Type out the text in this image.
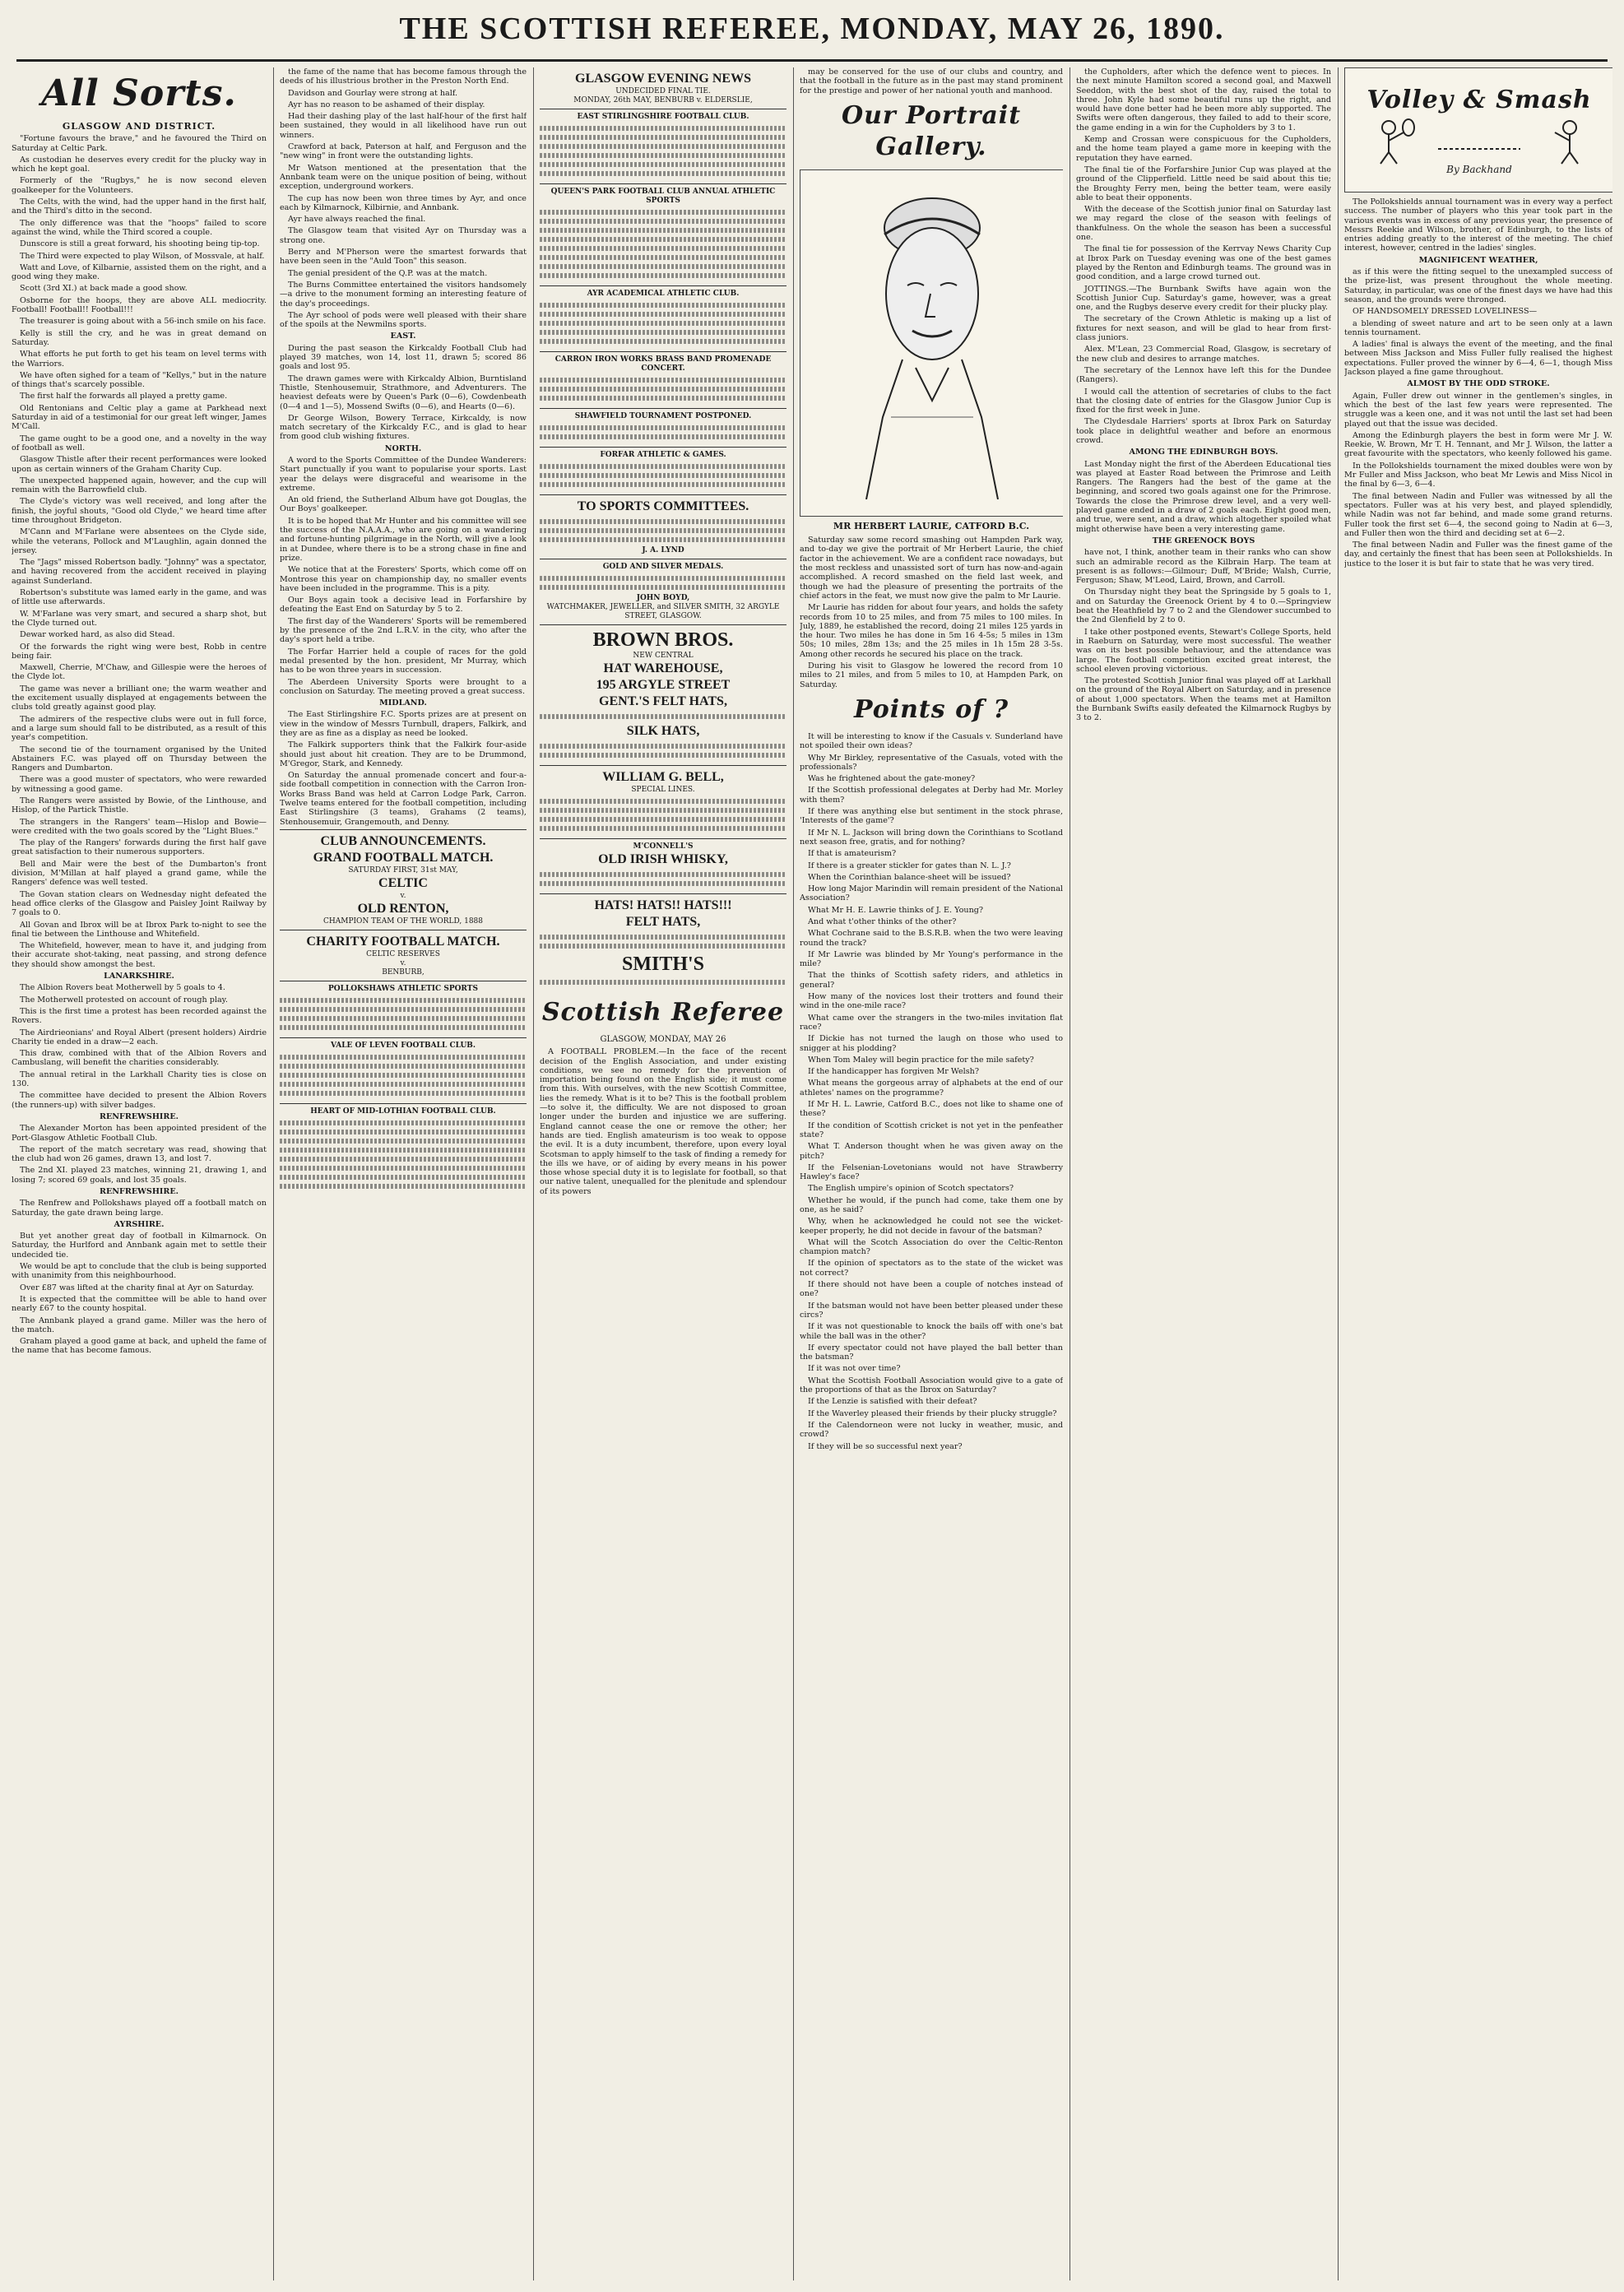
THE SCOTTISH REFEREE, MONDAY, MAY 26, 1890.
All Sorts.
GLASGOW AND DISTRICT.

"Fortune favours the brave," and he favoured the Third on Saturday at Celtic Park.

As custodian he deserves every credit for the plucky way in which he kept goal.

Formerly of the "Rugbys," he is now second eleven goalkeeper for the Volunteers.

The Celts, with the wind, had the upper hand in the first half, and the Third's ditto in the second.

The only difference was that the "hoops" failed to score against the wind, while the Third scored a couple.

Dunscore is still a great forward, his shooting being tip-top.

The Third were expected to play Wilson, of Mossvale, at half.

Watt and Love, of Kilbarnie, assisted them on the right, and a good wing they make.

Scott (3rd XI.) at back made a good show.

Osborne for the hoops, they are above ALL mediocrity. Football! Football!! Football!!!

The treasurer is going about with a 56-inch smile on his face.

Kelly is still the cry, and he was in great demand on Saturday.

What efforts he put forth to get his team on level terms with the Warriors.

We have often sighed for a team of "Kellys," but in the nature of things that's scarcely possible.

The first half the forwards all played a pretty game.

Old Rentonians and Celtic play a game at Parkhead next Saturday in aid of a testimonial for our great left winger, James M'Call.

The game ought to be a good one, and a novelty in the way of football as well.

Glasgow Thistle after their recent performances were looked upon as certain winners of the Graham Charity Cup.

The unexpected happened again, however, and the cup will remain with the Barrowfield club.

The Clyde's victory was well received, and long after the finish, the joyful shouts, "Good old Clyde," we heard time after time throughout Bridgeton.

M'Cann and M'Farlane were absentees on the Clyde side, while the veterans, Pollock and M'Laughlin, again donned the jersey.

The "Jags" missed Robertson badly. "Johnny" was a spectator, and having recovered from the accident received in playing against Sunderland.

Robertson's substitute was lamed early in the game, and was of little use afterwards.

W. M'Farlane was very smart, and secured a sharp shot, but the Clyde turned out.

Dewar worked hard, as also did Stead.

Of the forwards the right wing were best, Robb in centre being fair.

Maxwell, Cherrie, M'Chaw, and Gillespie were the heroes of the Clyde lot.

The game was never a brilliant one; the warm weather and the excitement usually displayed at engagements between the clubs told greatly against good play.

The admirers of the respective clubs were out in full force, and a large sum should fall to be distributed, as a result of this year's competition.

The second tie of the tournament organised by the United Abstainers F.C. was played off on Thursday between the Rangers and Dumbarton.

There was a good muster of spectators, who were rewarded by witnessing a good game.

The Rangers were assisted by Bowie, of the Linthouse, and Hislop, of the Partick Thistle.

The strangers in the Rangers' team—Hislop and Bowie—were credited with the two goals scored by the "Light Blues."

The play of the Rangers' forwards during the first half gave great satisfaction to their numerous supporters.

Bell and Mair were the best of the Dumbarton's front division, M'Millan at half played a grand game, while the Rangers' defence was well tested.

The Govan station clears on Wednesday night defeated the head office clerks of the Glasgow and Paisley Joint Railway by 7 goals to 0.

All Govan and Ibrox will be at Ibrox Park to-night to see the final tie between the Linthouse and Whitefield.

The Whitefield, however, mean to have it, and judging from their accurate shot-taking, neat passing, and strong defence they should show amongst the best.

LANARKSHIRE.

The Albion Rovers beat Motherwell by 5 goals to 4.

The Motherwell protested on account of rough play.

This is the first time a protest has been recorded against the Rovers.

The Airdrieonians' and Royal Albert (present holders) Airdrie Charity tie ended in a draw—2 each.

This draw, combined with that of the Albion Rovers and Cambuslang, will benefit the charities considerably.

The annual retiral in the Larkhall Charity ties is close on 130.

The committee have decided to present the Albion Rovers (the runners-up) with silver badges.

RENFREWSHIRE.

The Alexander Morton has been appointed president of the Port-Glasgow Athletic Football Club.

The report of the match secretary was read, showing that the club had won 26 games, drawn 13, and lost 7.

The 2nd XI. played 23 matches, winning 21, drawing 1, and losing 7; scored 69 goals, and lost 35 goals.

RENFREWSHIRE.

The Renfrew and Pollokshaws played off a football match on Saturday, the gate drawn being large.

AYRSHIRE.

But yet another great day of football in Kilmarnock. On Saturday, the Hurlford and Annbank again met to settle their undecided tie.

We would be apt to conclude that the club is being supported with unanimity from this neighbourhood.

Over £87 was lifted at the charity final at Ayr on Saturday.

It is expected that the committee will be able to hand over nearly £67 to the county hospital.

The Annbank played a grand game. Miller was the hero of the match.

Graham played a good game at back, and upheld the fame of the name that has become famous.

the fame of the name that has become famous through the deeds of his illustrious brother in the Preston North End.

Davidson and Gourlay were strong at half.

Ayr has no reason to be ashamed of their display.

Had their dashing play of the last half-hour of the first half been sustained, they would in all likelihood have run out winners.

Crawford at back, Paterson at half, and Ferguson and the "new wing" in front were the outstanding lights.

Mr Watson mentioned at the presentation that the Annbank team were on the unique position of being, without exception, underground workers.

The cup has now been won three times by Ayr, and once each by Kilmarnock, Kilbirnie, and Annbank.

Ayr have always reached the final.

The Glasgow team that visited Ayr on Thursday was a strong one.

Berry and M'Pherson were the smartest forwards that have been seen in the "Auld Toon" this season.

The genial president of the Q.P. was at the match.

The Burns Committee entertained the visitors handsomely—a drive to the monument forming an interesting feature of the day's proceedings.

The Ayr school of pods were well pleased with their share of the spoils at the Newmilns sports.

EAST.

During the past season the Kirkcaldy Football Club had played 39 matches, won 14, lost 11, drawn 5; scored 86 goals and lost 95.

The drawn games were with Kirkcaldy Albion, Burntisland Thistle, Stenhousemuir, Strathmore, and Adventurers. The heaviest defeats were by Queen's Park (0—6), Cowdenbeath (0—4 and 1—5), Mossend Swifts (0—6), and Hearts (0—6).

Dr George Wilson, Bowery Terrace, Kirkcaldy, is now match secretary of the Kirkcaldy F.C., and is glad to hear from good club wishing fixtures.

NORTH.

A word to the Sports Committee of the Dundee Wanderers: Start punctually if you want to popularise your sports. Last year the delays were disgraceful and wearisome in the extreme.

An old friend, the Sutherland Album have got Douglas, the Our Boys' goalkeeper.

It is to be hoped that Mr Hunter and his committee will see the success of the N.A.A.A., who are going on a wandering and fortune-hunting pilgrimage in the North, will give a look in at Dundee, where there is to be a strong chase in fine and prize.

We notice that at the Foresters' Sports, which come off on Montrose this year on championship day, no smaller events have been included in the programme. This is a pity.

Our Boys again took a decisive lead in Forfarshire by defeating the East End on Saturday by 5 to 2.

The first day of the Wanderers' Sports will be remembered by the presence of the 2nd L.R.V. in the city, who after the day's sport held a tribe.

The Forfar Harrier held a couple of races for the gold medal presented by the hon. president, Mr Murray, which has to be won three years in succession.

The Aberdeen University Sports were brought to a conclusion on Saturday. The meeting proved a great success.

MIDLAND.

The East Stirlingshire F.C. Sports prizes are at present on view in the window of Messrs Turnbull, drapers, Falkirk, and they are as fine as a display as need be looked.

The Falkirk supporters think that the Falkirk four-aside should just about hit creation. They are to be Drummond, M'Gregor, Stark, and Kennedy.

On Saturday the annual promenade concert and four-a-side football competition in connection with the Carron Iron-Works Brass Band was held at Carron Lodge Park, Carron. Twelve teams entered for the football competition, including East Stirlingshire (3 teams), Grahams (2 teams), Stenhousemuir, Grangemouth, and Denny.

CLUB ANNOUNCEMENTS.
GRAND FOOTBALL MATCH.
SATURDAY FIRST, 31st MAY,
CELTIC
v.
OLD RENTON,
CHAMPION TEAM OF THE WORLD, 1888
CHARITY FOOTBALL MATCH.
CELTIC RESERVES
v.
BENBURB,
POLLOKSHAWS ATHLETIC SPORTS
VALE OF LEVEN FOOTBALL CLUB.
HEART OF MID-LOTHIAN FOOTBALL CLUB.
GLASGOW EVENING NEWS
UNDECIDED FINAL TIE.
MONDAY, 26th MAY, BENBURB v. ELDERSLIE,
EAST STIRLINGSHIRE FOOTBALL CLUB.
QUEEN'S PARK FOOTBALL CLUB ANNUAL ATHLETIC SPORTS
AYR ACADEMICAL ATHLETIC CLUB.
CARRON IRON WORKS BRASS BAND PROMENADE CONCERT.
SHAWFIELD TOURNAMENT POSTPONED.
FORFAR ATHLETIC & GAMES.
TO SPORTS COMMITTEES.
J. A. LYND
GOLD AND SILVER MEDALS.
JOHN BOYD,
WATCHMAKER, JEWELLER, and SILVER SMITH, 32 ARGYLE STREET, GLASGOW.
BROWN BROS.
NEW CENTRAL
HAT WAREHOUSE,
195 ARGYLE STREET
GENT.'S FELT HATS,
SILK HATS,
WILLIAM G. BELL,
SPECIAL LINES.
M'CONNELL'S
OLD IRISH WHISKY,
HATS! HATS!! HATS!!!
FELT HATS,
SMITH'S
Scottish Referee
GLASGOW, MONDAY, MAY 26

A FOOTBALL PROBLEM.—In the face of the recent decision of the English Association, and under existing conditions, we see no remedy for the prevention of importation being found on the English side; it must come from this. With ourselves, with the new Scottish Committee, lies the remedy. What is it to be? This is the football problem—to solve it, the difficulty. We are not disposed to groan longer under the burden and injustice we are suffering. England cannot cease the one or remove the other; her hands are tied. English amateurism is too weak to oppose the evil. It is a duty incumbent, therefore, upon every loyal Scotsman to apply himself to the task of finding a remedy for the ills we have, or of aiding by every means in his power those whose special duty it is to legislate for football, so that our native talent, unequalled for the plenitude and splendour of its powers

may be conserved for the use of our clubs and country, and that the football in the future as in the past may stand prominent for the prestige and power of her national youth and manhood.

Our Portrait Gallery.
MR HERBERT LAURIE, CATFORD B.C.

Saturday saw some record smashing out Hampden Park way, and to-day we give the portrait of Mr Herbert Laurie, the chief factor in the achievement. We are a confident race nowadays, but the most reckless and unassisted sort of turn has now-and-again accomplished. A record smashed on the field last week, and though we had the pleasure of presenting the portraits of the chief actors in the feat, we must now give the palm to Mr Laurie.

Mr Laurie has ridden for about four years, and holds the safety records from 10 to 25 miles, and from 75 miles to 100 miles. In July, 1889, he established the record, doing 21 miles 125 yards in the hour. Two miles he has done in 5m 16 4-5s; 5 miles in 13m 50s; 10 miles, 28m 13s; and the 25 miles in 1h 15m 28 3-5s. Among other records he secured his place on the track.

During his visit to Glasgow he lowered the record from 10 miles to 21 miles, and from 5 miles to 10, at Hampden Park, on Saturday.

Points of ?

It will be interesting to know if the Casuals v. Sunderland have not spoiled their own ideas?

Why Mr Birkley, representative of the Casuals, voted with the professionals?

Was he frightened about the gate-money?

If the Scottish professional delegates at Derby had Mr. Morley with them?

If there was anything else but sentiment in the stock phrase, 'Interests of the game'?

If Mr N. L. Jackson will bring down the Corinthians to Scotland next season free, gratis, and for nothing?

If that is amateurism?

If there is a greater stickler for gates than N. L. J.?

When the Corinthian balance-sheet will be issued?

How long Major Marindin will remain president of the National Association?

What Mr H. E. Lawrie thinks of J. E. Young?

And what t'other thinks of the other?

What Cochrane said to the B.S.R.B. when the two were leaving round the track?

If Mr Lawrie was blinded by Mr Young's performance in the mile?

That the thinks of Scottish safety riders, and athletics in general?

How many of the novices lost their trotters and found their wind in the one-mile race?

What came over the strangers in the two-miles invitation flat race?

If Dickie has not turned the laugh on those who used to snigger at his plodding?

When Tom Maley will begin practice for the mile safety?

If the handicapper has forgiven Mr Welsh?

What means the gorgeous array of alphabets at the end of our athletes' names on the programme?

If Mr H. L. Lawrie, Catford B.C., does not like to shame one of these?

If the condition of Scottish cricket is not yet in the penfeather state?

What T. Anderson thought when he was given away on the pitch?

If the Felsenian-Lovetonians would not have Strawberry Hawley's face?

The English umpire's opinion of Scotch spectators?

Whether he would, if the punch had come, take them one by one, as he said?

Why, when he acknowledged he could not see the wicket-keeper properly, he did not decide in favour of the batsman?

What will the Scotch Association do over the Celtic-Renton champion match?

If the opinion of spectators as to the state of the wicket was not correct?

If there should not have been a couple of notches instead of one?

If the batsman would not have been better pleased under these circs?

If it was not questionable to knock the bails off with one's bat while the ball was in the other?

If every spectator could not have played the ball better than the batsman?

If it was not over time?

What the Scottish Football Association would give to a gate of the proportions of that as the Ibrox on Saturday?

If the Lenzie is satisfied with their defeat?

If the Waverley pleased their friends by their plucky struggle?

If the Calendorneon were not lucky in weather, music, and crowd?

If they will be so successful next year?

the Cupholders, after which the defence went to pieces. In the next minute Hamilton scored a second goal, and Maxwell Seeddon, with the best shot of the day, raised the total to three. John Kyle had some beautiful runs up the right, and would have done better had he been more ably supported. The Swifts were often dangerous, they failed to add to their score, the game ending in a win for the Cupholders by 3 to 1.

Kemp and Crossan were conspicuous for the Cupholders, and the home team played a game more in keeping with the reputation they have earned.

The final tie of the Forfarshire Junior Cup was played at the ground of the Clipperfield. Little need be said about this tie; the Broughty Ferry men, being the better team, were easily able to beat their opponents.

With the decease of the Scottish junior final on Saturday last we may regard the close of the season with feelings of thankfulness. On the whole the season has been a successful one.

The final tie for possession of the Kerrvay News Charity Cup at Ibrox Park on Tuesday evening was one of the best games played by the Renton and Edinburgh teams. The ground was in good condition, and a large crowd turned out.

JOTTINGS.—The Burnbank Swifts have again won the Scottish Junior Cup. Saturday's game, however, was a great one, and the Rugbys deserve every credit for their plucky play.

The secretary of the Crown Athletic is making up a list of fixtures for next season, and will be glad to hear from first-class juniors.

Alex. M'Lean, 23 Commercial Road, Glasgow, is secretary of the new club and desires to arrange matches.

The secretary of the Lennox have left this for the Dundee (Rangers).

I would call the attention of secretaries of clubs to the fact that the closing date of entries for the Glasgow Junior Cup is fixed for the first week in June.

The Clydesdale Harriers' sports at Ibrox Park on Saturday took place in delightful weather and before an enormous crowd.

AMONG THE EDINBURGH BOYS.

Last Monday night the first of the Aberdeen Educational ties was played at Easter Road between the Primrose and Leith Rangers. The Rangers had the best of the game at the beginning, and scored two goals against one for the Primrose. Towards the close the Primrose drew level, and a very well-played game ended in a draw of 2 goals each. Eight good men, and true, were sent, and a draw, which altogether spoiled what might otherwise have been a very interesting game.

THE GREENOCK BOYS

have not, I think, another team in their ranks who can show such an admirable record as the Kilbrain Harp. The team at present is as follows:—Gilmour; Duff, M'Bride; Walsh, Currie, Ferguson; Shaw, M'Leod, Laird, Brown, and Carroll.

On Thursday night they beat the Springside by 5 goals to 1, and on Saturday the Greenock Orient by 4 to 0.—Springview beat the Heathfield by 7 to 2 and the Glendower succumbed to the 2nd Glenfield by 2 to 0.

I take other postponed events, Stewart's College Sports, held in Raeburn on Saturday, were most successful. The weather was on its best possible behaviour, and the attendance was large. The football competition excited great interest, the school eleven proving victorious.

The protested Scottish Junior final was played off at Larkhall on the ground of the Royal Albert on Saturday, and in presence of about 1,000 spectators. When the teams met at Hamilton the Burnbank Swifts easily defeated the Kilmarnock Rugbys by 3 to 2.

Volley & Smash
By Backhand

The Pollokshields annual tournament was in every way a perfect success. The number of players who this year took part in the various events was in excess of any previous year, the presence of Messrs Reekie and Wilson, brother, of Edinburgh, to the lists of entries adding greatly to the interest of the meeting. The chief interest, however, centred in the ladies' singles.

MAGNIFICENT WEATHER,

as if this were the fitting sequel to the unexampled success of the prize-list, was present throughout the whole meeting. Saturday, in particular, was one of the finest days we have had this season, and the grounds were thronged.

OF HANDSOMELY DRESSED LOVELINESS—

a blending of sweet nature and art to be seen only at a lawn tennis tournament.

A ladies' final is always the event of the meeting, and the final between Miss Jackson and Miss Fuller fully realised the highest expectations. Fuller proved the winner by 6—4, 6—1, though Miss Jackson played a fine game throughout.

ALMOST BY THE ODD STROKE.

Again, Fuller drew out winner in the gentlemen's singles, in which the best of the last few years were represented. The struggle was a keen one, and it was not until the last set had been played out that the issue was decided.

Among the Edinburgh players the best in form were Mr J. W. Reekie, W. Brown, Mr T. H. Tennant, and Mr J. Wilson, the latter a great favourite with the spectators, who keenly followed his game.

In the Pollokshields tournament the mixed doubles were won by Mr Fuller and Miss Jackson, who beat Mr Lewis and Miss Nicol in the final by 6—3, 6—4.

The final between Nadin and Fuller was witnessed by all the spectators. Fuller was at his very best, and played splendidly, while Nadin was not far behind, and made some grand returns. Fuller took the first set 6—4, the second going to Nadin at 6—3, and Fuller then won the third and deciding set at 6—2.

The final between Nadin and Fuller was the finest game of the day, and certainly the finest that has been seen at Pollokshields. In justice to the loser it is but fair to state that he was very tired.
